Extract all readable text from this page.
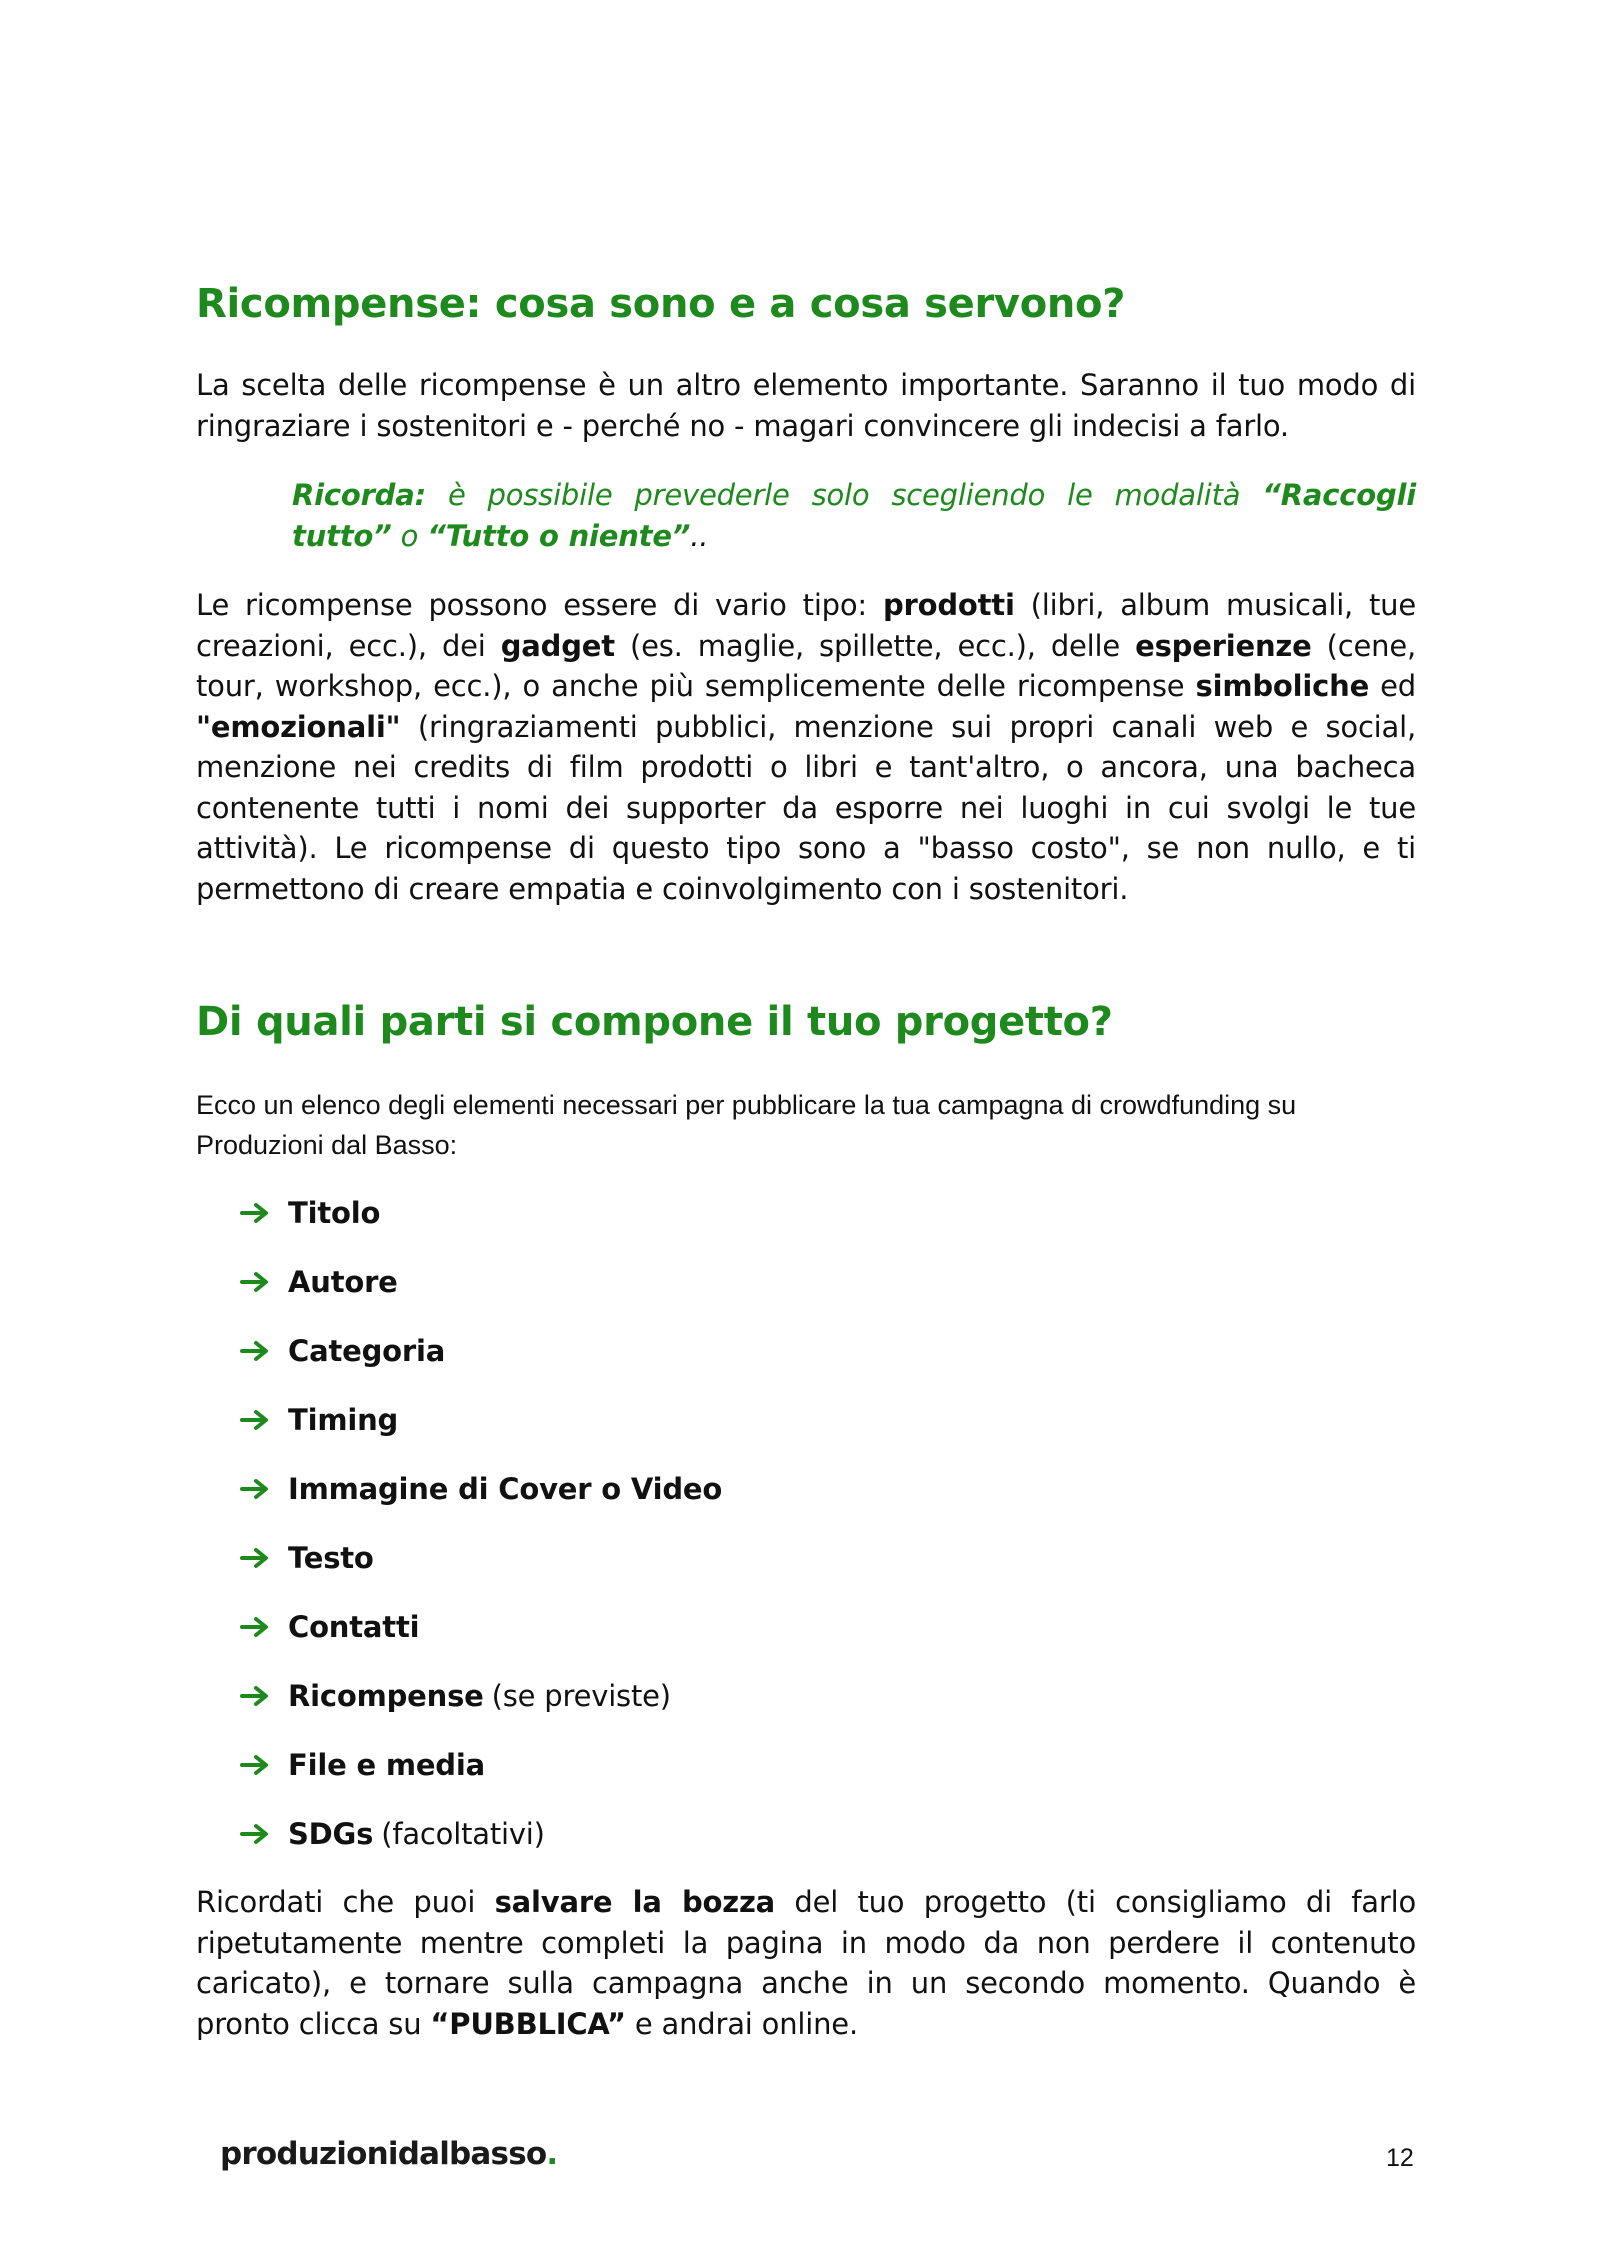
Ricompense: cosa sono e a cosa servono?

La scelta delle ricompense è un altro elemento importante. Saranno il tuo modo di ringraziare i sostenitori e - perché no - magari convincere gli indecisi a farlo.

Ricorda: è possibile prevederle solo scegliendo le modalità “Raccogli tutto” o “Tutto o niente”..

Le ricompense possono essere di vario tipo: prodotti (libri, album musicali, tue creazioni, ecc.), dei gadget (es. maglie, spillette, ecc.), delle esperienze (cene, tour, workshop, ecc.), o anche più semplicemente delle ricompense simboliche ed "emozionali" (ringraziamenti pubblici, menzione sui propri canali web e social, menzione nei credits di film prodotti o libri e tant'altro, o ancora, una bacheca contenente tutti i nomi dei supporter da esporre nei luoghi in cui svolgi le tue attività). Le ricompense di questo tipo sono a "basso costo", se non nullo, e ti permettono di creare empatia e coinvolgimento con i sostenitori.

Di quali parti si compone il tuo progetto?

Ecco un elenco degli elementi necessari per pubblicare la tua campagna di crowdfunding su Produzioni dal Basso:

Titolo
Autore
Categoria
Timing
Immagine di Cover o Video
Testo
Contatti
Ricompense (se previste)
File e media
SDGs (facoltativi)

Ricordati che puoi salvare la bozza del tuo progetto (ti consigliamo di farlo ripetutamente mentre completi la pagina in modo da non perdere il contenuto caricato), e tornare sulla campagna anche in un secondo momento. Quando è pronto clicca su “PUBBLICA” e andrai online.

produzionidalbasso.	12
